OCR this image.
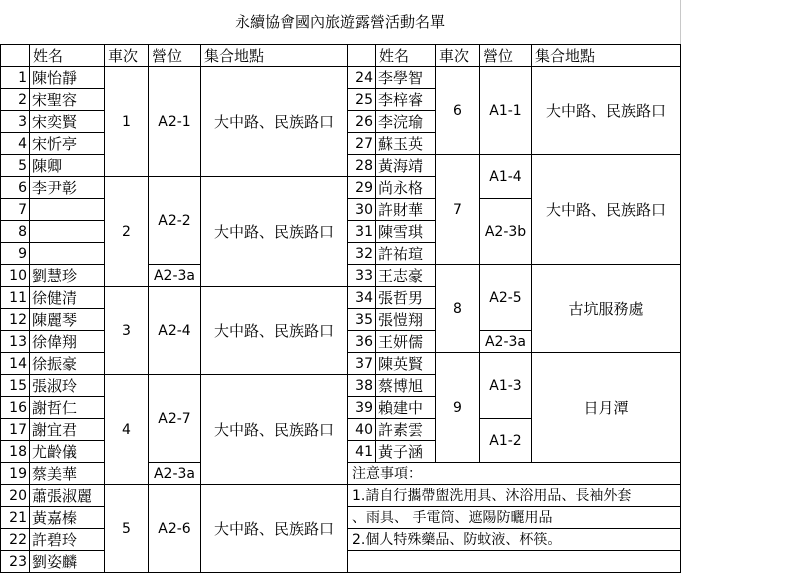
永續協會國內旅遊露營活動名單
	姓名	車次	營位	集合地點
1	陳怡靜	1	A2-1	大中路、民族路口
2	宋聖容			
3	宋奕賢			
4	宋忻亭			
5	陳卿			
6	李尹彰	2	A2-2	大中路、民族路口
7				
8				
9				
10	劉慧珍		A2-3a	
11	徐健清	3	A2-4	大中路、民族路口
12	陳麗琴			
13	徐偉翔			
14	徐振豪			
15	張淑玲	4	A2-7	大中路、民族路口
16	謝哲仁			
17	謝宜君			
18	尤齡儀			
19	蔡美華		A2-3a	
20	蕭張淑麗	5	A2-6	大中路、民族路口
21	黃嘉榛			
22	許碧玲			
23	劉姿麟			
	姓名	車次	營位	集合地點
24	李學智	6	A1-1	大中路、民族路口
25	李梓睿			
26	李浣瑜			
27	蘇玉英			
28	黃海靖	7	A1-4	大中路、民族路口
29	尚永格			
30	許財華		A2-3b	
31	陳雪琪			
32	許祐瑄			
33	王志豪	8	A2-5	古坑服務處
34	張哲男			
35	張愷翔			
36	王妍儒		A2-3a	
37	陳英賢	9	A1-3	日月潭
38	蔡博旭			
39	賴建中			
40	許素雲		A1-2	
41	黃子涵			
注意事項：				
1.請自行攜帶盥洗用具、沐浴用品、長袖外套				
、雨具、 手電筒、遮陽防曬用品				
2.個人特殊藥品、防蚊液、杯筷。				
